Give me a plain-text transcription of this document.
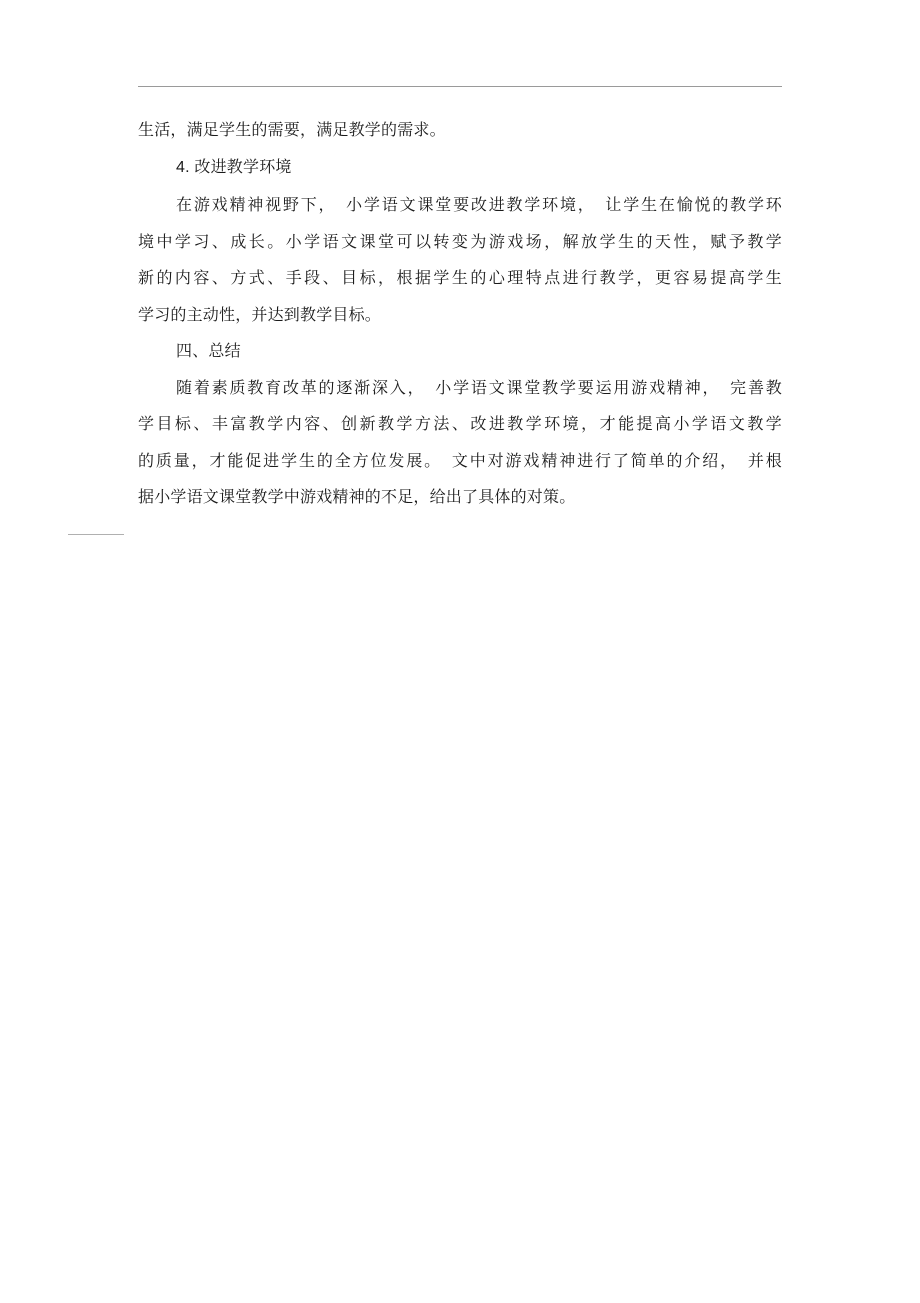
生活，满足学生的需要，满足教学的需求。
4. 改进教学环境
在游戏精神视野下，　小学语文课堂要改进教学环境，　让学生在愉悦的教学环
境中学习、成长。小学语文课堂可以转变为游戏场，解放学生的天性，赋予教学
新的内容、方式、手段、目标，根据学生的心理特点进行教学，更容易提高学生
学习的主动性，并达到教学目标。
四、总结
随着素质教育改革的逐渐深入，　小学语文课堂教学要运用游戏精神，　完善教
学目标、丰富教学内容、创新教学方法、改进教学环境，才能提高小学语文教学
的质量，才能促进学生的全方位发展。　文中对游戏精神进行了简单的介绍，　并根
据小学语文课堂教学中游戏精神的不足，给出了具体的对策。
